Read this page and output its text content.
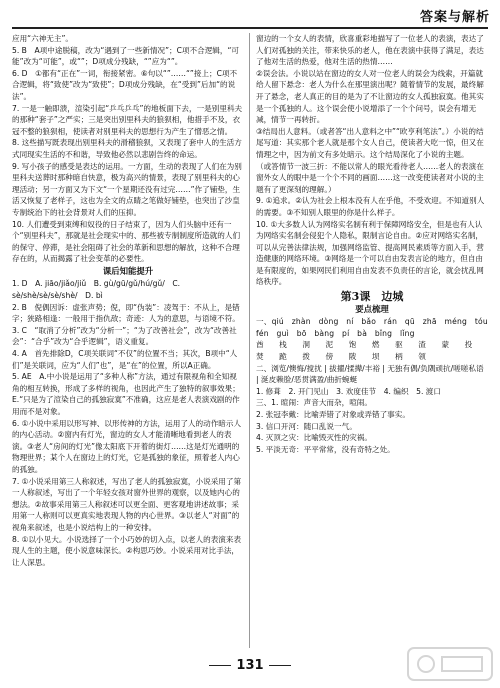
答案与解析

应用“六神无主”。

5. B　A项中途脱稿，改为“遇到了一些新情况”；C项不合逻辑，“可能”改为“可能”，或“”；D项成分残缺，“”应为“”。

6. D　①都有“正在”一词，衔接紧密。⑥句以“”……“”接上；C项不合逻辑，将“致使”改为“致使”；D项成分残缺，在“受到”后加“的说法”。

7. 一是一触即溃，渲染引起“乒乓乒乓”的地板面下去，一是别里科夫的那种“套子”之严实；三是突出别里科夫的狼狈相，他措手不及，衣冠不整的狼狈相，使读者对别里科夫的思想行为产生了憎恶之情。

8. 这些描写既表现出别里科夫的滑稽狼狈，又表现了套中人的生活方式同现实生活的不和谐，导致他必然以悲剧告终的命运。

9. 写小孩子的感受是表达的运用。一方面，生动的表现了人们在为别里科夫送葬时那种暗自快意，极为高兴的情景，表现了别里科夫的心理活动；另一方面又为下文“一个星期还没有过完……”作了铺垫，生活又恢复了老样子，这也为全文的点睛之笔做好铺垫，也突出了沙皇专制统治下的社会背景对人们的压抑。

10. 人们遭受到束缚和奴役的日子结束了，因为人们头脑中还有一个“别里科夫”，那就是社会现实中的、那些被专制制度所造就的人们的保守、停滞，是社会阻碍了社会的革新和思想的解放，这种不合理存在的，从而揭露了社会变革的必要性。

课后知能提升

1. D　A. jiāo/jiǎo/jiǔ　B. gù/gū/gǔ/hú/gǔ/　C. sè/shè/sè/sè/shè/　D. bì

2. B　倪偶因诉：虚张声势；倪，即“伪装”：凌驾于：不从上，是错字；狭路相逢：一般用于指仇敌；奇迹：人为的意思，与语境不符。

3. C　“取消了分析”改为“分析一”；“为了改善社会”，改为“改善社会”：“合乎”改为“合乎逻辑”，语义重复。

4. A　首先排除D，C项关联词“不仅”的位置不当；其次，B项中“人们”是关联词，应为“人们”也”，是“在”的位置，所以A正确。

5. AE　A.中小说是运用了“多种人称”方法，通过有限视角和全知视角的相互转换，形成了多样的视角，也因此产生了独特的叙事效果；E.“只是为了渲染自己的孤独寂寞”不准确，这应是老人表演戏剧的作用而不是对象。

6. ①小说中采用以形写神、以形传神的方法，运用了人的动作暗示人的内心活动。②窗内有灯光，窗边的女人才能清晰地看到老人的表演。③老人“房间的灯光”像太阳底下开着的街灯……这是灯光通明的物理世界；某个人在窗边上的灯光，它是孤独的象征，照着老人内心的孤独。

7. ①小说采用第三人称叙述，写出了老人的孤独寂寞，小说采用了第一人称叙述，写出了一个年轻女孩对窗外世界的观察，以及她内心的想法。②故事采用第三人称叙述可以更全面、更客观地讲述故事；采用第一人称则可以更真实地表现人物的内心世界。③以老人“对面”的视角来叙述，也是小说结构上的一种安排。

8. ①以小见大。小说选择了一个小巧妙的切入点，以老人的表演来表现人生的主题，使小说意味深长。②构思巧妙。小说采用对比手法，让人深思。

窗边的一个女人的表情，欣喜重彩地描写了一位老人的表演，表达了人们对孤独的关注，带来快乐的老人，他在表演中获得了满足，表达了他对生活的热爱，他对生活的热情……

②误会法。小说以站在窗边的女人对一位老人的误会为线索，开篇就给人留下悬念：老人为什么在那里演出呢？随着情节的发展，最终解开了悬念，老人真正的目的是为了不让窗边的女人孤独寂寞。他其实是一个孤独的人。这个误会使小说增添了一个个问号，误会有增无减，情节一再转折。

③结局出人意料。（或者答“出人意料之中”“欧亨利笔法”。）小说的结尾写道：其实那个老人就是那个女人自己，使读者大吃一惊，但又在情理之中，因为前文有多处暗示。这个结局深化了小说的主题。

（或答情节一波三折：不能以常人的眼光看待老人……老人的表演在窗外女人的眼中是一个个不同的画面……这一改变使读者对小说的主题有了更深刻的理解。）

9. ①追求。②认为社会上根本没有人在乎他，不受欢迎。不知道别人的需要。③不知别人眼里的你是什么样子。

10. ①大多数人认为网络实名制有利于保障网络安全，但是也有人认为网络实名制会侵犯个人隐私，限制言论自由。②应对网络实名制，可以从完善法律法规，加强网络监管、提高网民素质等方面入手，营造健康的网络环境。③网络是一个可以自由发表言论的地方，但自由是有限度的，如果网民们利用自由发表不负责任的言论，就会扰乱网络秩序。

第3课　边城

要点梳理

一、qiú　zhàn　dòng　ní　bǎo　rán　qū　zhā　méng　tóu　fén　guì　bō　bàng　pí　bà　bǐng　lǐng

酋　栈　洞　泥　饱　燃　驱　渣　蒙　投　焚　跪　拨　傍　陂　坝　柄　领

二、浏览/懊悔/搅扰 | 拔擢/揉撵/丰裕 | 无独有偶/负隅顽抗/嗟嗟私语 | 涎皮赖脸/恶贯满盈/曲折蜿蜒

1. 修葺　2. 开门见山　3. 欢度佳节　4. 编织　5. 渡口

三、1. 暄闹：声音大而杂，喧闹。

2. 张冠李戴：比喻弄错了对象或弄错了事实。

3. 信口开河：随口乱说一气。

4. 灭顶之灾：比喻毁灭性的灾祸。

5. 平淡无奇：平平常常，没有奇特之处。

131
